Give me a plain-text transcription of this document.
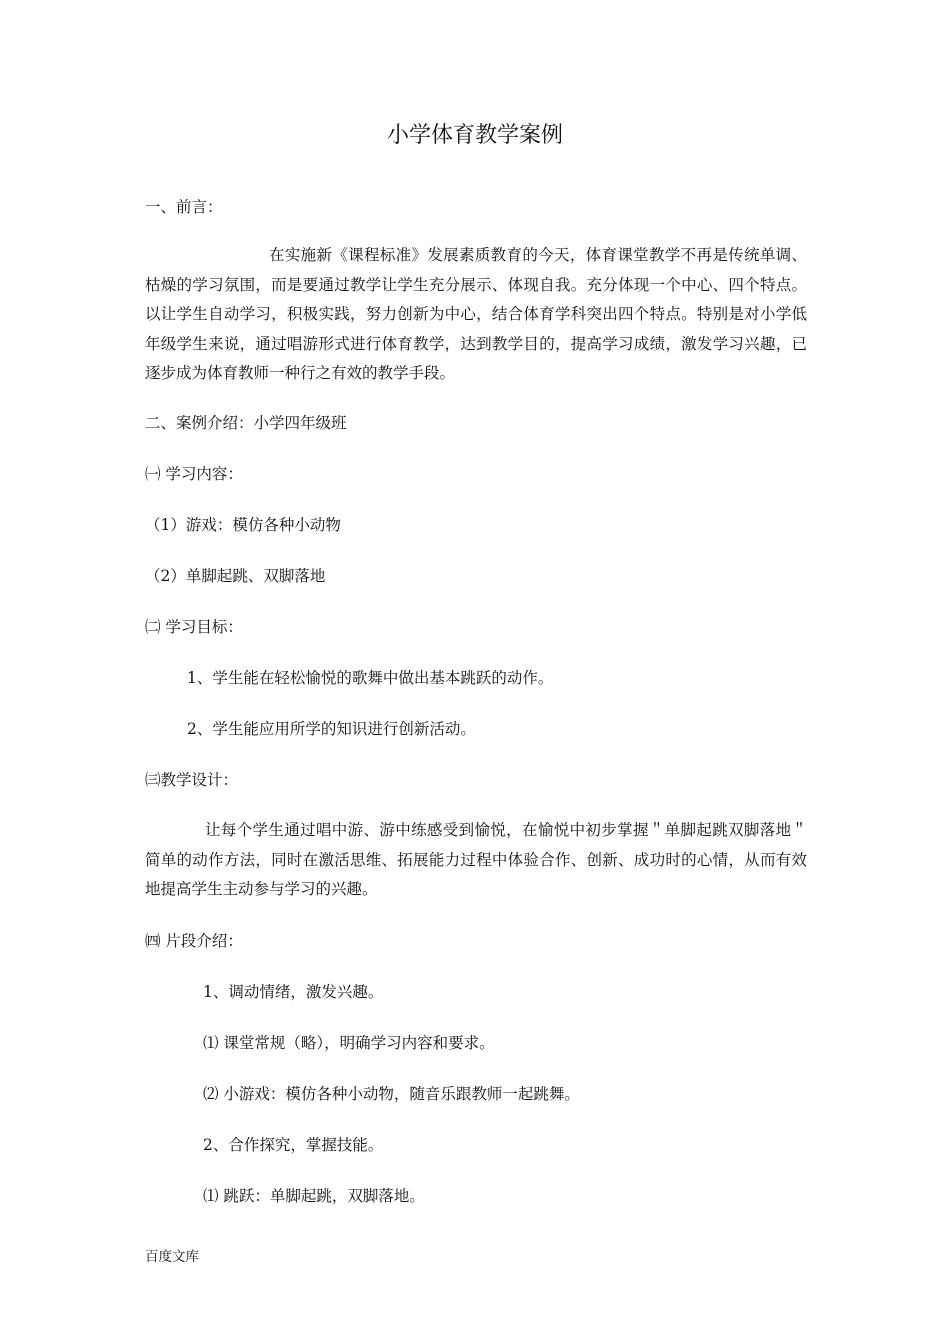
小学体育教学案例

一、前言：

在实施新《课程标准》发展素质教育的今天，体育课堂教学不再是传统单调、枯燥的学习氛围，而是要通过教学让学生充分展示、体现自我。充分体现一个中心、四个特点。以让学生自动学习，积极实践，努力创新为中心，结合体育学科突出四个特点。特别是对小学低年级学生来说，通过唱游形式进行体育教学，达到教学目的，提高学习成绩，激发学习兴趣，已逐步成为体育教师一种行之有效的教学手段。

二、案例介绍：小学四年级班

㈠ 学习内容：

（1）游戏：模仿各种小动物

（2）单脚起跳、双脚落地

㈡ 学习目标：

1、学生能在轻松愉悦的歌舞中做出基本跳跃的动作。

2、学生能应用所学的知识进行创新活动。

㈢教学设计：

让每个学生通过唱中游、游中练感受到愉悦，在愉悦中初步掌握＂单脚起跳双脚落地＂简单的动作方法，同时在激活思维、拓展能力过程中体验合作、创新、成功时的心情，从而有效地提高学生主动参与学习的兴趣。

㈣ 片段介绍：

1、调动情绪，激发兴趣。

⑴ 课堂常规（略），明确学习内容和要求。

⑵ 小游戏：模仿各种小动物，随音乐跟教师一起跳舞。

2、合作探究，掌握技能。

⑴ 跳跃：单脚起跳，双脚落地。

百度文库
